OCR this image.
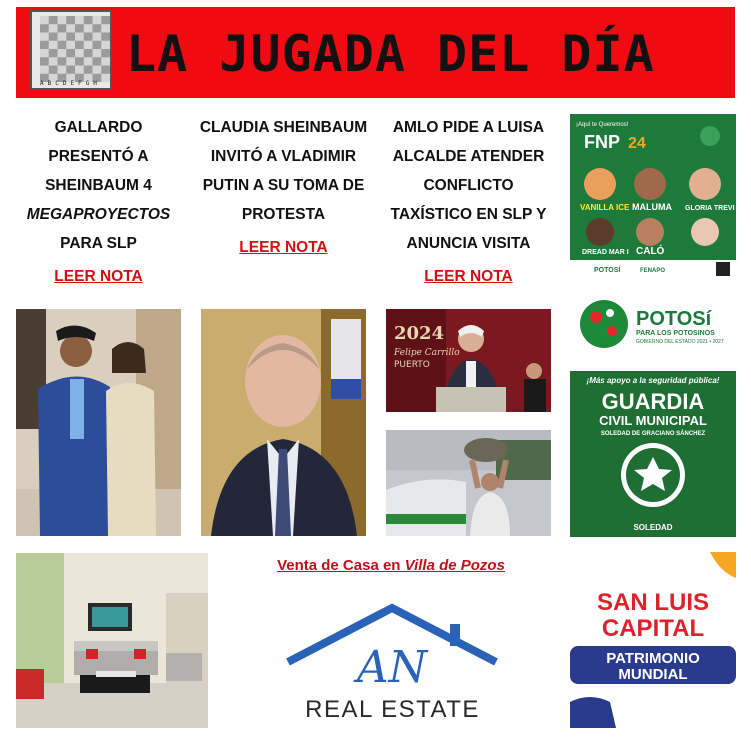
ABCDEFGH
LA JUGADA DEL DÍA
GALLARDO PRESENTÓ A SHEINBAUM 4 MEGAPROYECTOS PARA SLP
LEER NOTA
CLAUDIA SHEINBAUM INVITÓ A VLADIMIR PUTIN A SU TOMA DE PROTESTA
LEER NOTA
AMLO PIDE A LUISA ALCALDE ATENDER CONFLICTO TAXÍSTICO EN SLP Y ANUNCIA VISITA
LEER NOTA
2024
Felipe Carrillo
PUERTO
¡Aquí te Queremos!
FNP 24
VANILLA ICE MALUMA GLORIA TREVI
DREAD MAR I CALÓ
POTOSÍ	FENAPO
POTOSí
PARA LOS POTOSINOS
GOBIERNO DEL ESTADO 2021 • 2027
¡Más apoyo a la seguridad pública!
GUARDIA
CIVIL MUNICIPAL
SOLEDAD DE GRACIANO SÁNCHEZ
SOLEDAD
SAN LUIS
CAPITAL
PATRIMONIO
MUNDIAL
Venta de Casa en Villa de Pozos
AN
REAL ESTATE
